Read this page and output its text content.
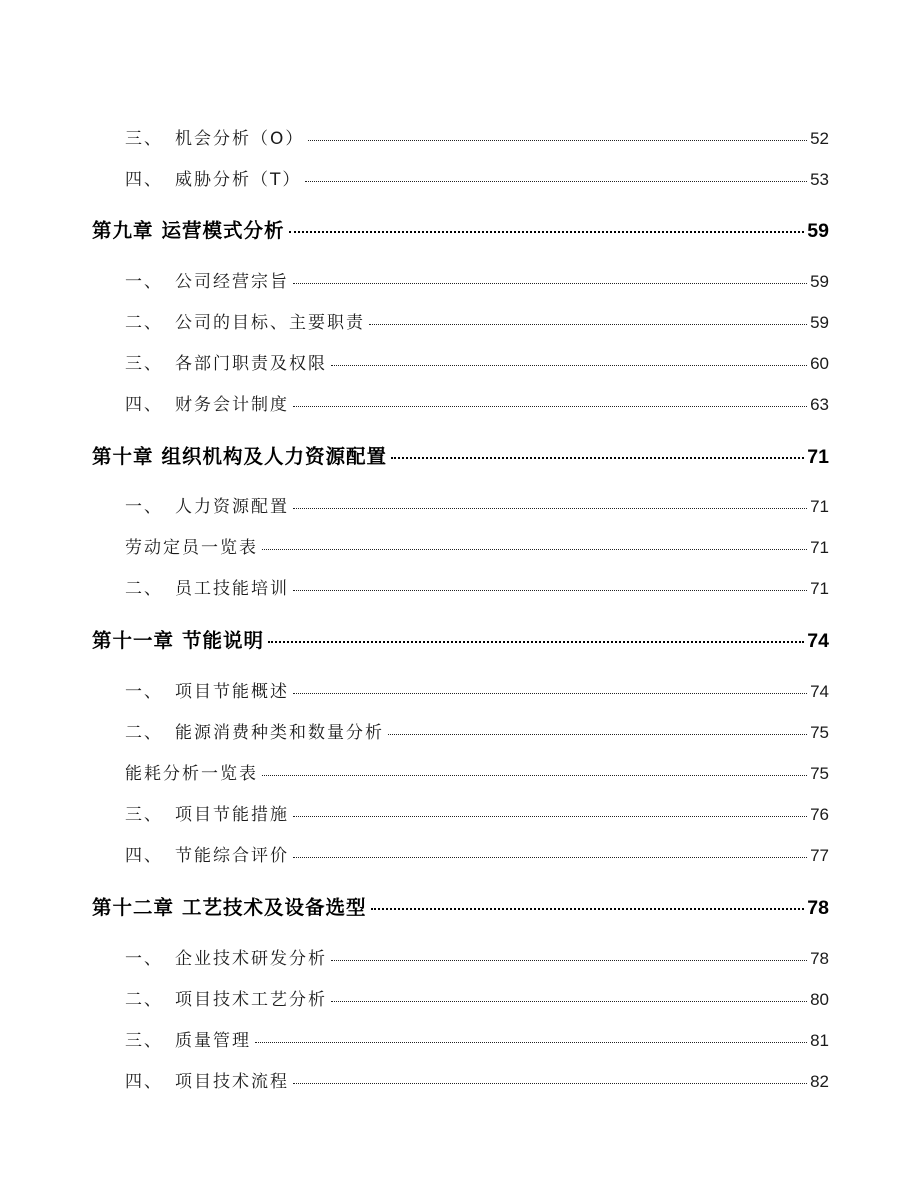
三、 机会分析（O）	52
四、 威胁分析（T）	53
第九章 运营模式分析	59
一、 公司经营宗旨	59
二、 公司的目标、主要职责	59
三、 各部门职责及权限	60
四、 财务会计制度	63
第十章 组织机构及人力资源配置	71
一、 人力资源配置	71
劳动定员一览表	71
二、 员工技能培训	71
第十一章 节能说明	74
一、 项目节能概述	74
二、 能源消费种类和数量分析	75
能耗分析一览表	75
三、 项目节能措施	76
四、 节能综合评价	77
第十二章 工艺技术及设备选型	78
一、 企业技术研发分析	78
二、 项目技术工艺分析	80
三、 质量管理	81
四、 项目技术流程	82
